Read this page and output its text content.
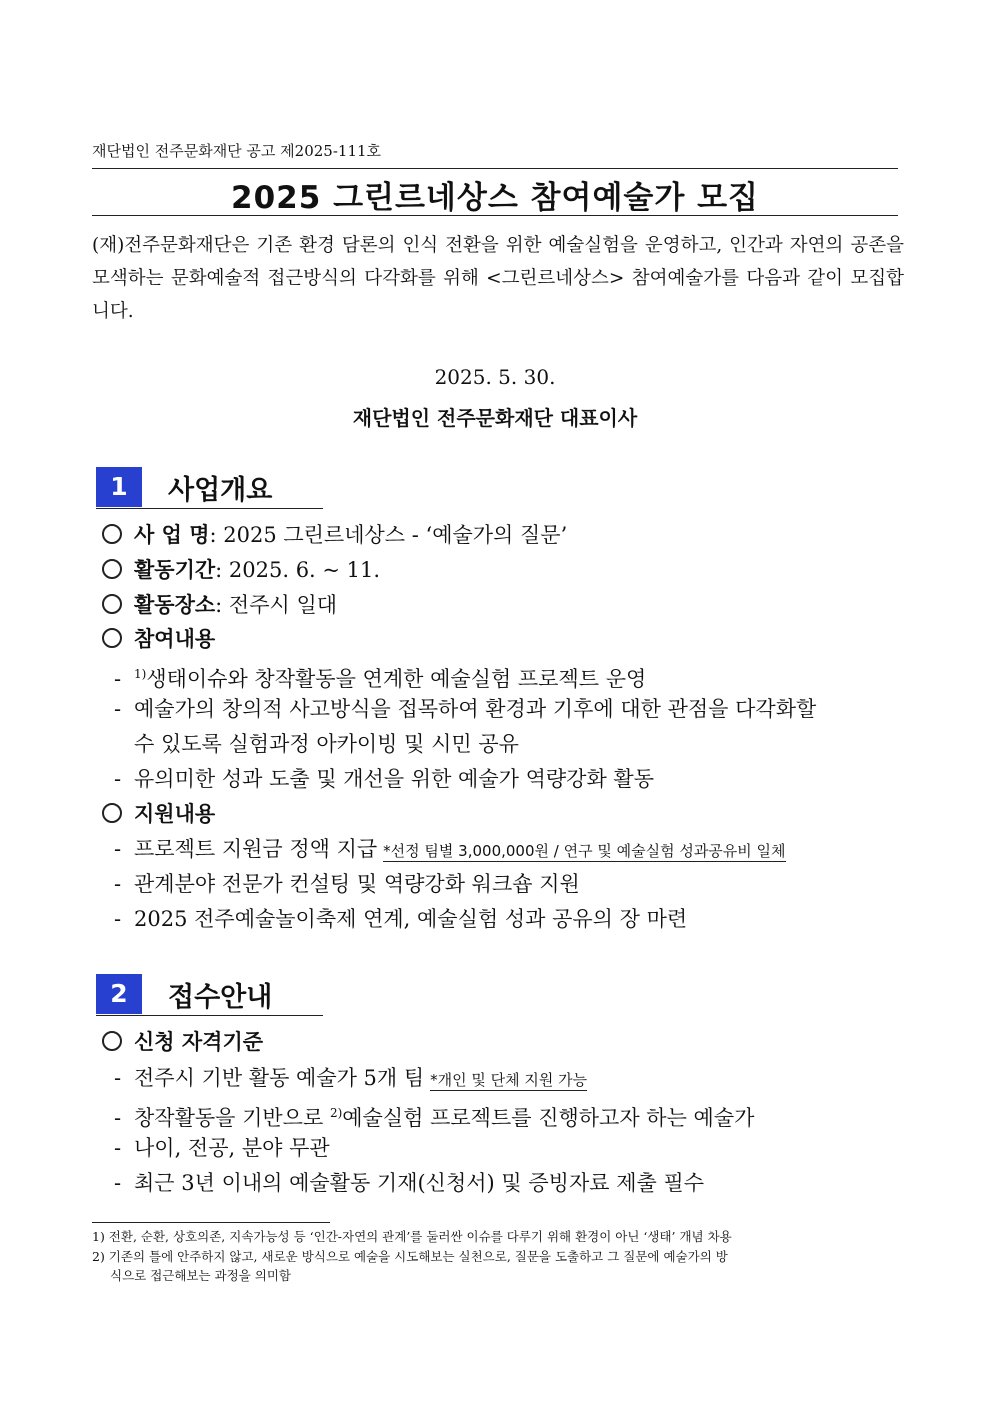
재단법인 전주문화재단 공고 제2025-111호
2025 그린르네상스 참여예술가 모집
(재)전주문화재단은 기존 환경 담론의 인식 전환을 위한 예술실험을 운영하고, 인간과 자연의 공존을 모색하는 문화예술적 접근방식의 다각화를 위해 <그린르네상스> 참여예술가를 다음과 같이 모집합니다.
2025. 5. 30.
재단법인 전주문화재단 대표이사
1	사업개요
사 업 명: 2025 그린르네상스 - ‘예술가의 질문’
활동기간: 2025. 6. ~ 11.
활동장소: 전주시 일대
참여내용
- $^{1)}$생태이슈와 창작활동을 연계한 예술실험 프로젝트 운영
- 예술가의 창의적 사고방식을 접목하여 환경과 기후에 대한 관점을 다각화할
수 있도록 실험과정 아카이빙 및 시민 공유
- 유의미한 성과 도출 및 개선을 위한 예술가 역량강화 활동
지원내용
- 프로젝트 지원금 정액 지급 *선정 팀별 3,000,000원 / 연구 및 예술실험 성과공유비 일체
- 관계분야 전문가 컨설팅 및 역량강화 워크숍 지원
- 2025 전주예술놀이축제 연계, 예술실험 성과 공유의 장 마련
2	접수안내
신청 자격기준
- 전주시 기반 활동 예술가 5개 팀 *개인 및 단체 지원 가능
- 창작활동을 기반으로 $^{2)}$예술실험 프로젝트를 진행하고자 하는 예술가
- 나이, 전공, 분야 무관
- 최근 3년 이내의 예술활동 기재(신청서) 및 증빙자료 제출 필수
1) 전환, 순환, 상호의존, 지속가능성 등 ‘인간-자연의 관계’를 둘러싼 이슈를 다루기 위해 환경이 아닌 ‘생태’ 개념 차용
2) 기존의 틀에 안주하지 않고, 새로운 방식으로 예술을 시도해보는 실천으로, 질문을 도출하고 그 질문에 예술가의 방
식으로 접근해보는 과정을 의미함
